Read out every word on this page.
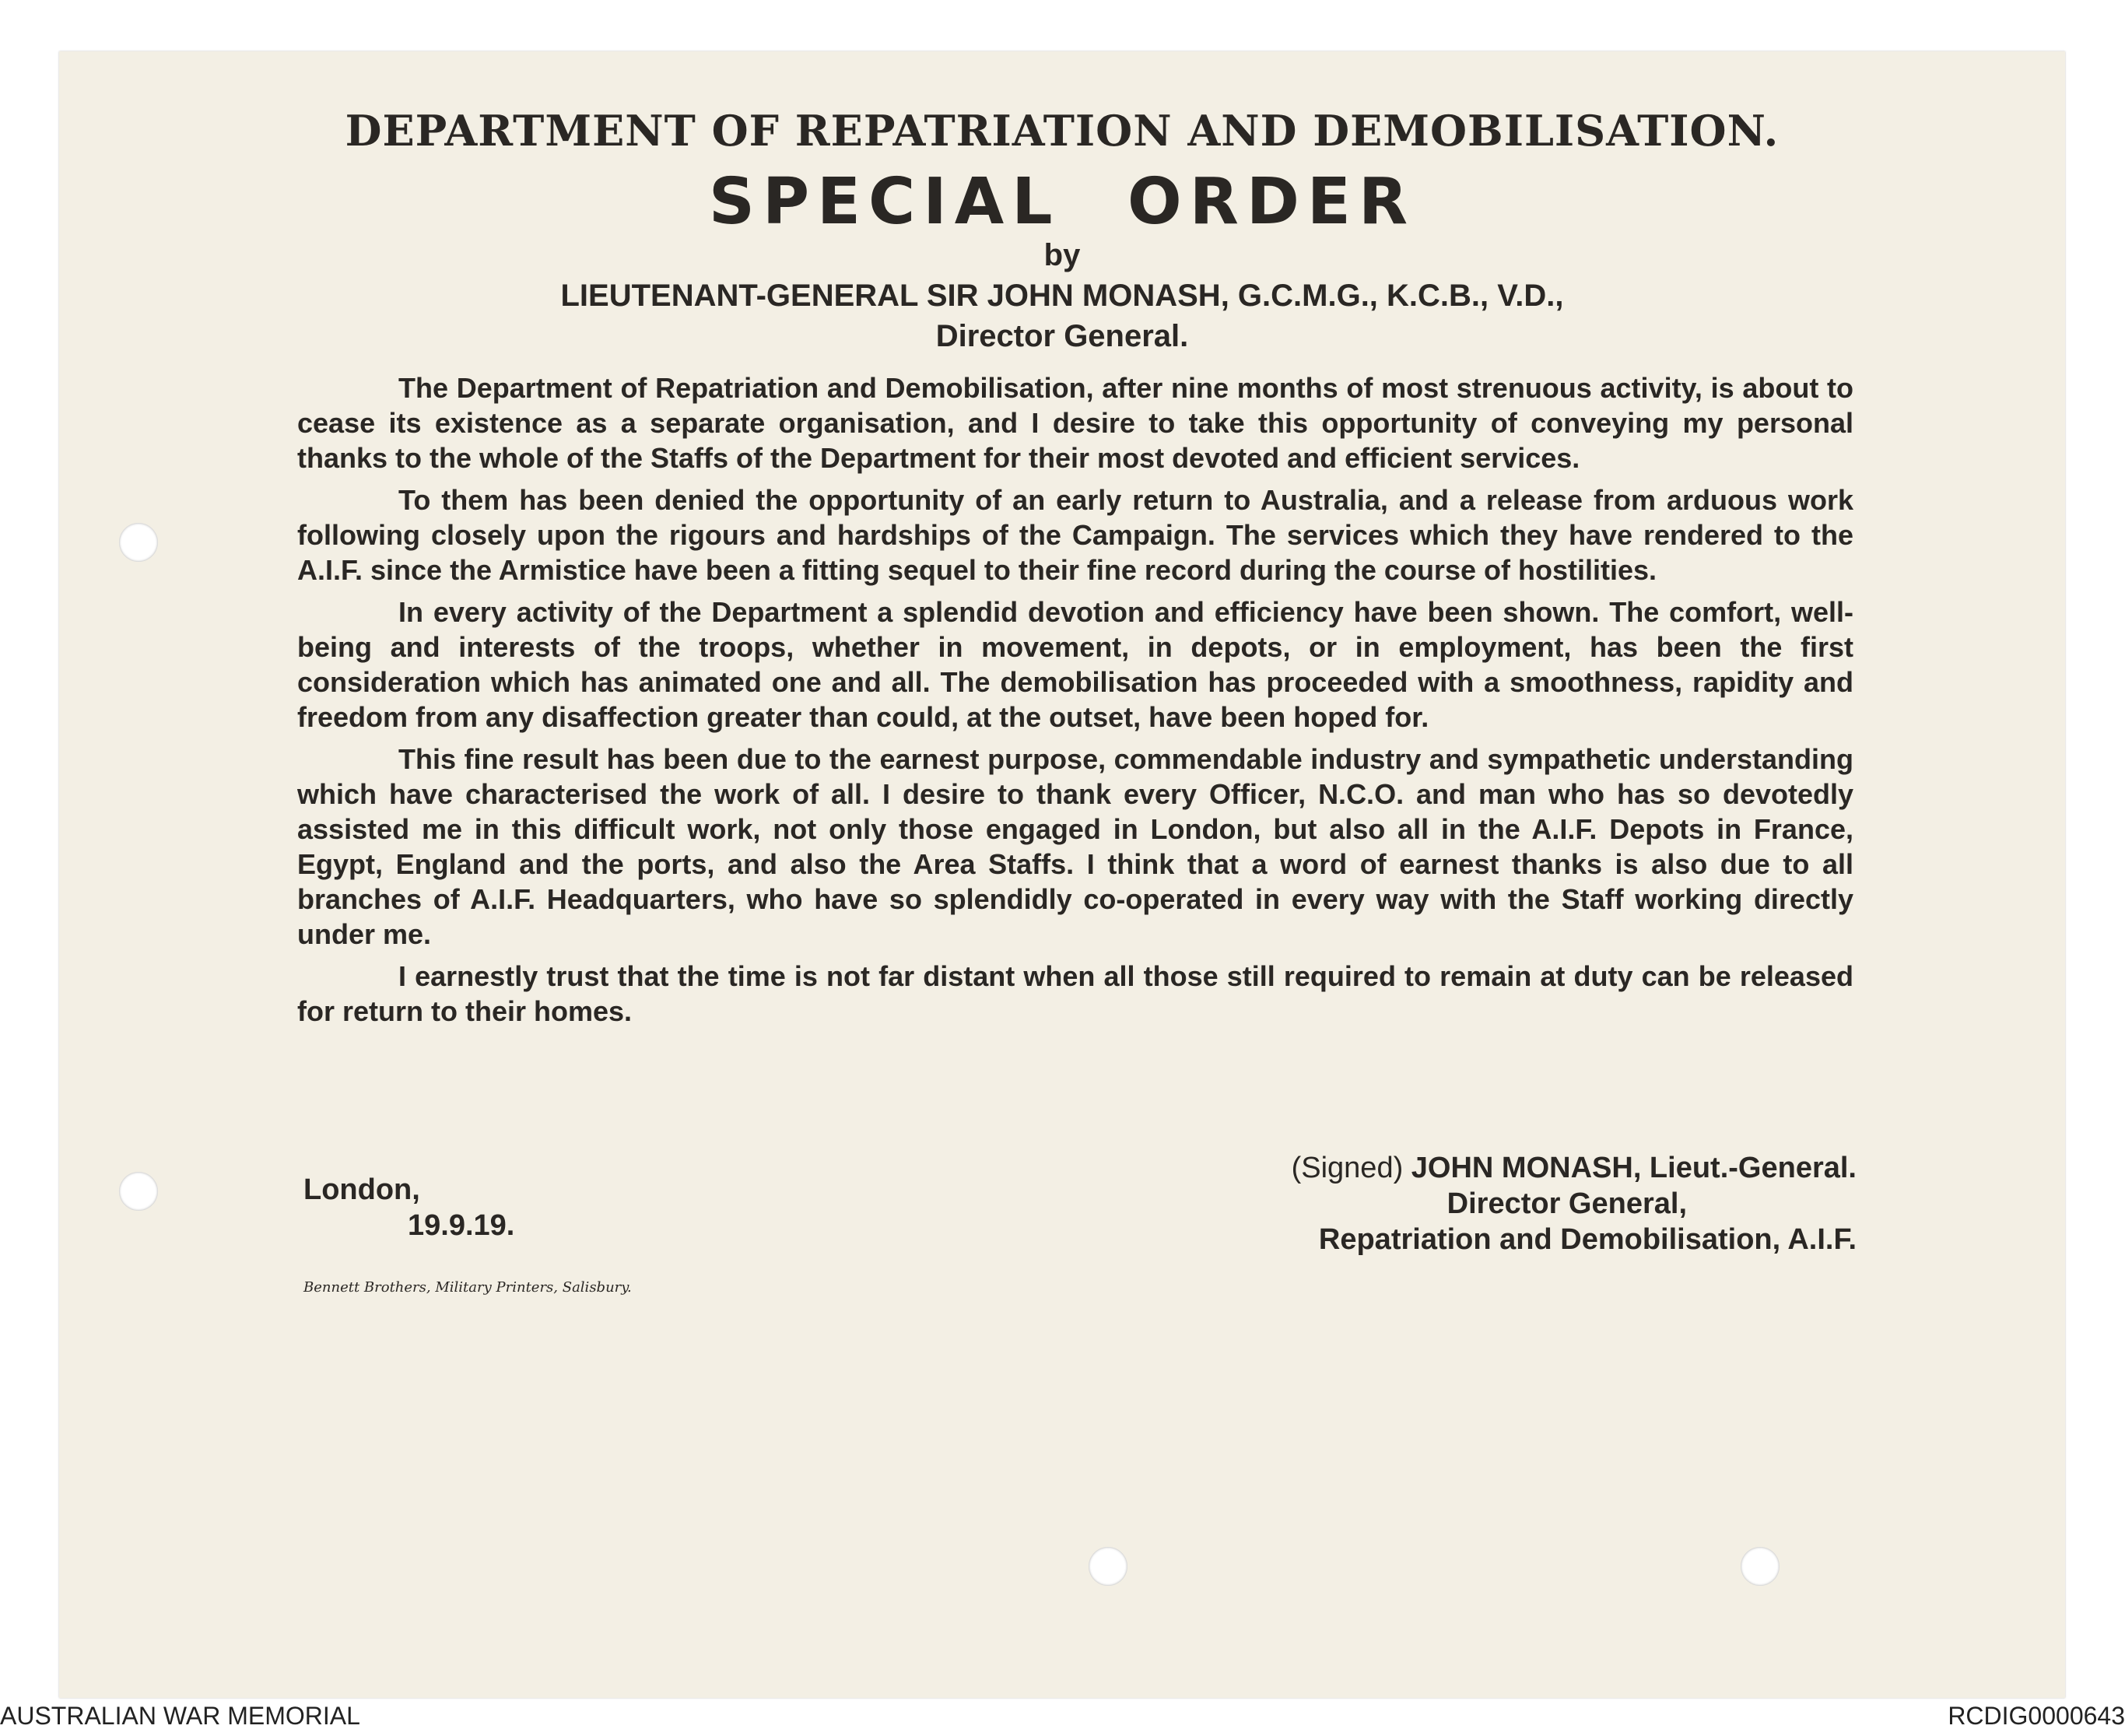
DEPARTMENT OF REPATRIATION AND DEMOBILISATION.
SPECIAL ORDER
by
LIEUTENANT-GENERAL SIR JOHN MONASH, G.C.M.G., K.C.B., V.D.,
Director General.

The Department of Repatriation and Demobilisation, after nine months of most strenuous activity, is about to cease its existence as a separate organisation, and I desire to take this opportunity of conveying my personal thanks to the whole of the Staffs of the Department for their most devoted and efficient services.

To them has been denied the opportunity of an early return to Australia, and a release from arduous work following closely upon the rigours and hardships of the Campaign. The services which they have rendered to the A.I.F. since the Armistice have been a fitting sequel to their fine record during the course of hostilities.

In every activity of the Department a splendid devotion and efficiency have been shown. The comfort, well-being and interests of the troops, whether in movement, in depots, or in employment, has been the first consideration which has animated one and all. The demobilisation has proceeded with a smoothness, rapidity and freedom from any disaffection greater than could, at the outset, have been hoped for.

This fine result has been due to the earnest purpose, commendable industry and sympathetic understanding which have characterised the work of all. I desire to thank every Officer, N.C.O. and man who has so devotedly assisted me in this difficult work, not only those engaged in London, but also all in the A.I.F. Depots in France, Egypt, England and the ports, and also the Area Staffs. I think that a word of earnest thanks is also due to all branches of A.I.F. Headquarters, who have so splendidly co-operated in every way with the Staff working directly under me.

I earnestly trust that the time is not far distant when all those still required to remain at duty can be released for return to their homes.

London,
19.9.19.
(Signed) JOHN MONASH, Lieut.-General.
Director General,
Repatriation and Demobilisation, A.I.F.
Bennett Brothers, Military Printers, Salisbury.
AUSTRALIAN WAR MEMORIAL	RCDIG0000643
